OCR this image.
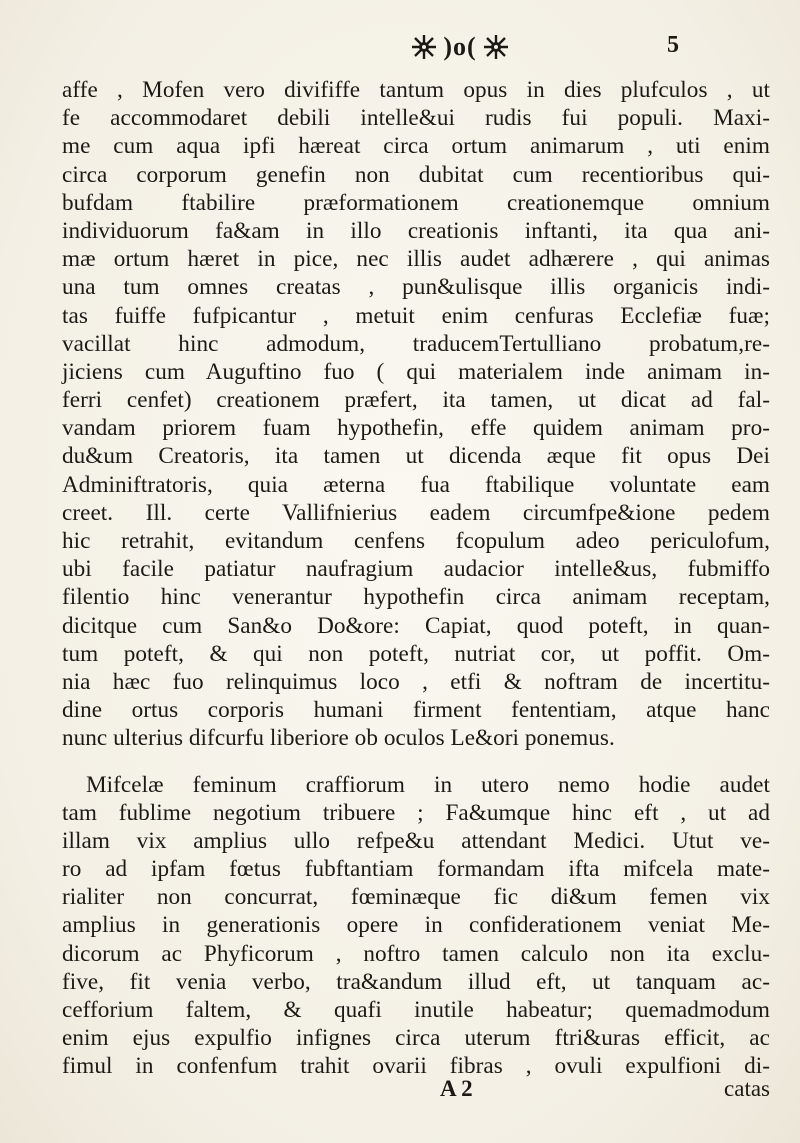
)o(	5
affe , Mofen vero divififfe tantum opus in dies plufculos , ut
fe accommodaret debili intelle&ui rudis fui populi. Maxi-
me cum aqua ipfi hæreat circa ortum animarum , uti enim
circa corporum genefin non dubitat cum recentioribus qui-
bufdam ftabilire præformationem creationemque omnium
individuorum fa&am in illo creationis inftanti, ita qua ani-
mæ ortum hæret in pice, nec illis audet adhærere , qui animas
una tum omnes creatas , pun&ulisque illis organicis indi-
tas fuiffe fufpicantur , metuit enim cenfuras Ecclefiæ fuæ;
vacillat hinc admodum, traducemTertulliano probatum,re-
jiciens cum Auguftino fuo ( qui materialem inde animam in-
ferri cenfet) creationem præfert, ita tamen, ut dicat ad fal-
vandam priorem fuam hypothefin, effe quidem animam pro-
du&um Creatoris, ita tamen ut dicenda æque fit opus Dei
Adminiftratoris, quia æterna fua ftabilique voluntate eam
creet. Ill. certe Vallifnierius eadem circumfpe&ione pedem
hic retrahit, evitandum cenfens fcopulum adeo periculofum,
ubi facile patiatur naufragium audacior intelle&us, fubmiffo
filentio hinc venerantur hypothefin circa animam receptam,
dicitque cum San&o Do&ore: Capiat, quod poteft, in quan-
tum poteft, & qui non poteft, nutriat cor, ut poffit. Om-
nia hæc fuo relinquimus loco , etfi & noftram de incertitu-
dine ortus corporis humani firment fententiam, atque hanc
nunc ulterius difcurfu liberiore ob oculos Le&ori ponemus.
Mifcelæ feminum craffiorum in utero nemo hodie audet
tam fublime negotium tribuere ; Fa&umque hinc eft , ut ad
illam vix amplius ullo refpe&u attendant Medici. Utut ve-
ro ad ipfam fœtus fubftantiam formandam ifta mifcela mate-
rialiter non concurrat, fœminæque fic di&um femen vix
amplius in generationis opere in confiderationem veniat Me-
dicorum ac Phyficorum , noftro tamen calculo non ita exclu-
five, fit venia verbo, tra&andum illud eft, ut tanquam ac-
cefforium faltem, & quafi inutile habeatur; quemadmodum
enim ejus expulfio infignes circa uterum ftri&uras efficit, ac
fimul in confenfum trahit ovarii fibras , ovuli expulfioni di-
A 2	catas
